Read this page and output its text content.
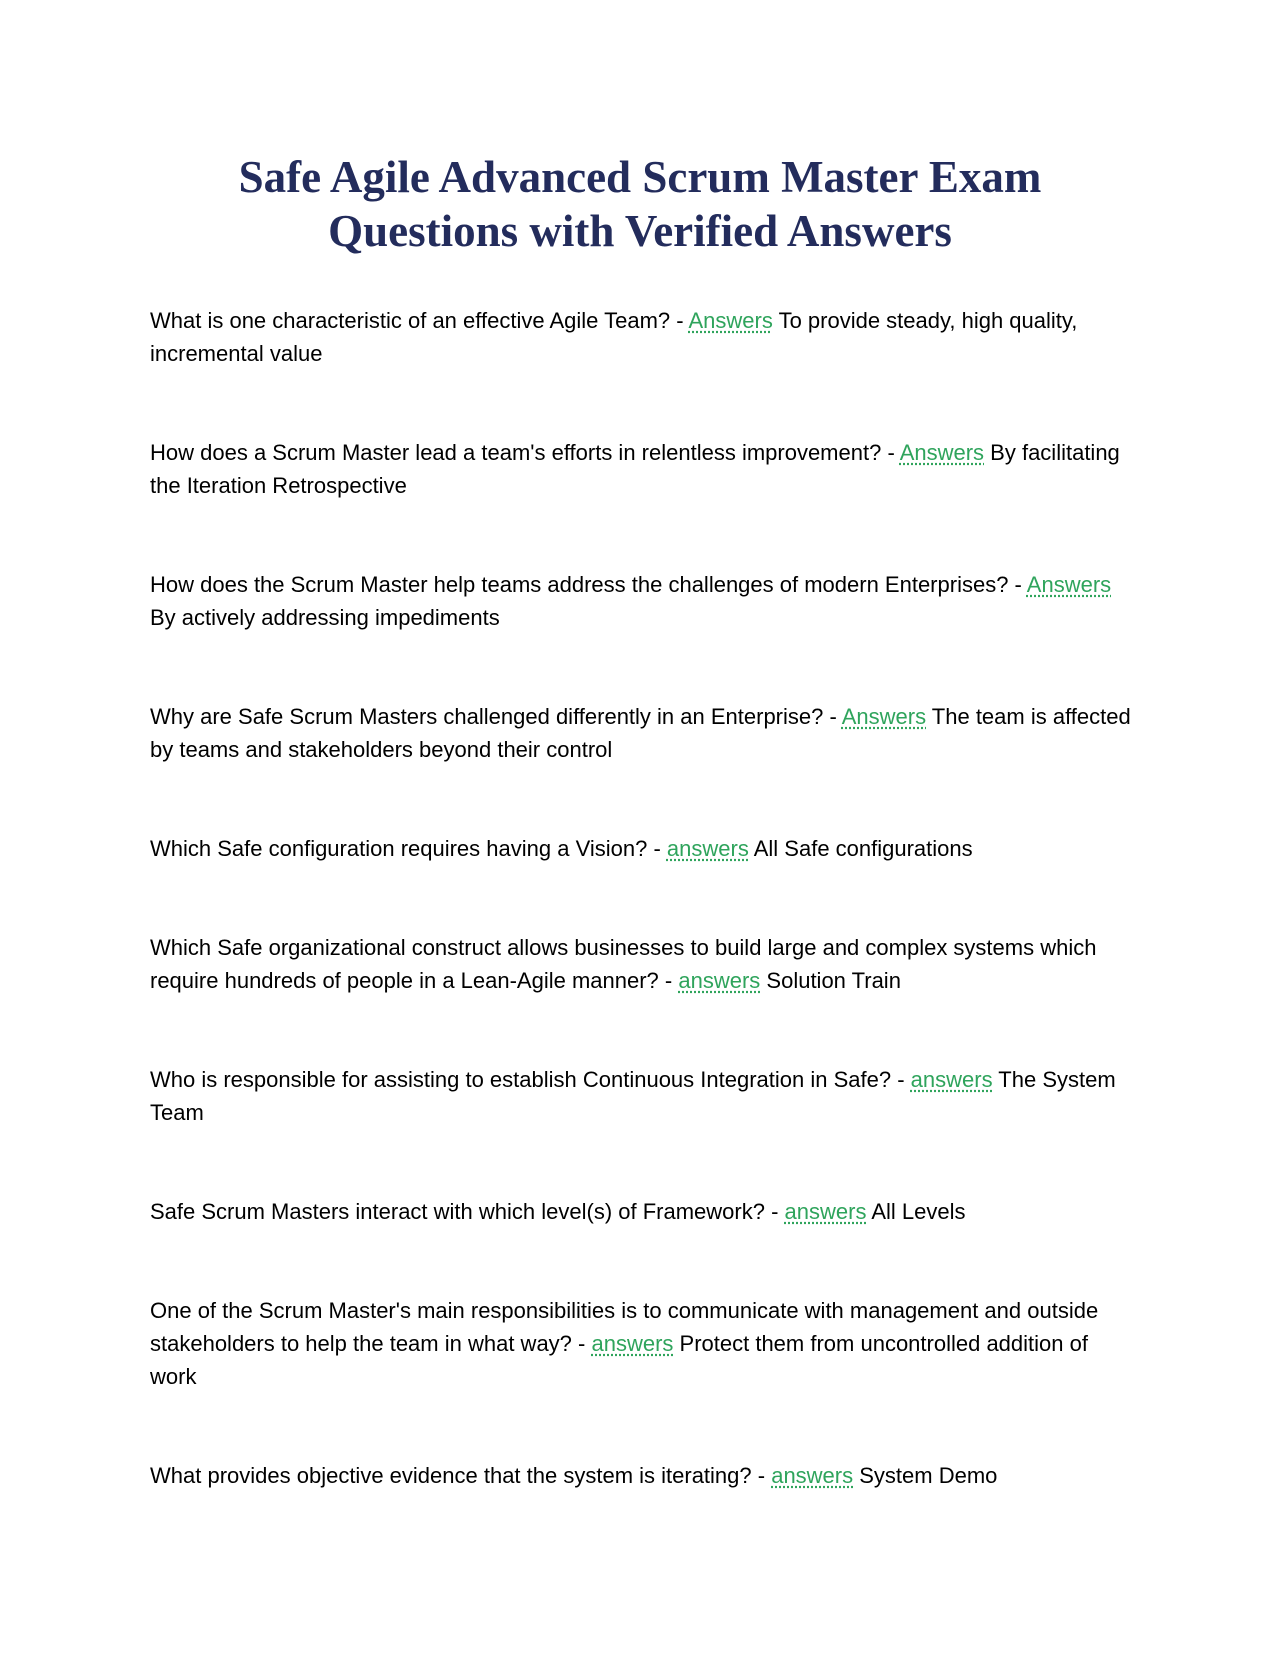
Safe Agile Advanced Scrum Master Exam Questions with Verified Answers
What is one characteristic of an effective Agile Team? - Answers To provide steady, high quality, incremental value
How does a Scrum Master lead a team's efforts in relentless improvement? - Answers By facilitating the Iteration Retrospective
How does the Scrum Master help teams address the challenges of modern Enterprises? - Answers By actively addressing impediments
Why are Safe Scrum Masters challenged differently in an Enterprise? - Answers The team is affected by teams and stakeholders beyond their control
Which Safe configuration requires having a Vision? - answers All Safe configurations
Which Safe organizational construct allows businesses to build large and complex systems which require hundreds of people in a Lean-Agile manner? - answers Solution Train
Who is responsible for assisting to establish Continuous Integration in Safe? - answers The System Team
Safe Scrum Masters interact with which level(s) of Framework? - answers All Levels
One of the Scrum Master's main responsibilities is to communicate with management and outside stakeholders to help the team in what way? - answers Protect them from uncontrolled addition of work
What provides objective evidence that the system is iterating? - answers System Demo
